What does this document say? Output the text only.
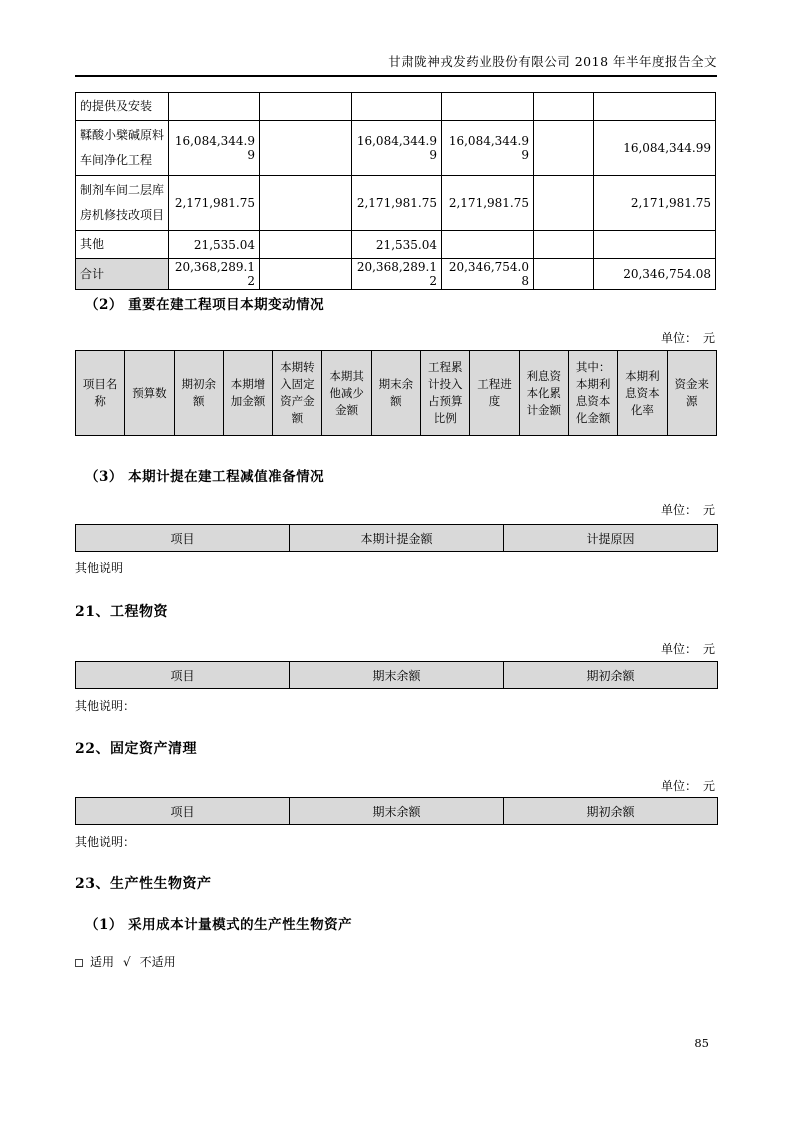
甘肃陇神戎发药业股份有限公司 2018 年半年度报告全文
的提供及安装						
鞣酸小檗碱原料车间净化工程	16,084,344.99		16,084,344.99	16,084,344.99		16,084,344.99
制剂车间二层库房机修技改项目	2,171,981.75		2,171,981.75	2,171,981.75		2,171,981.75
其他	21,535.04		21,535.04			
合计	20,368,289.12		20,368,289.12	20,346,754.08		20,346,754.08
（2） 重要在建工程项目本期变动情况
单位：　元
项目名称	预算数	期初余额	本期增加金额	本期转入固定资产金额	本期其他减少金额	期末余额	工程累计投入占预算比例	工程进度	利息资本化累计金额	其中：本期利息资本化金额	本期利息资本化率	资金来源
（3） 本期计提在建工程减值准备情况
单位：　元
项目	本期计提金额	计提原因
其他说明
21、工程物资
单位：　元
项目	期末余额	期初余额
其他说明：
22、固定资产清理
单位：　元
项目	期末余额	期初余额
其他说明：
23、生产性生物资产
（1） 采用成本计量模式的生产性生物资产
适用 √ 不适用
85
